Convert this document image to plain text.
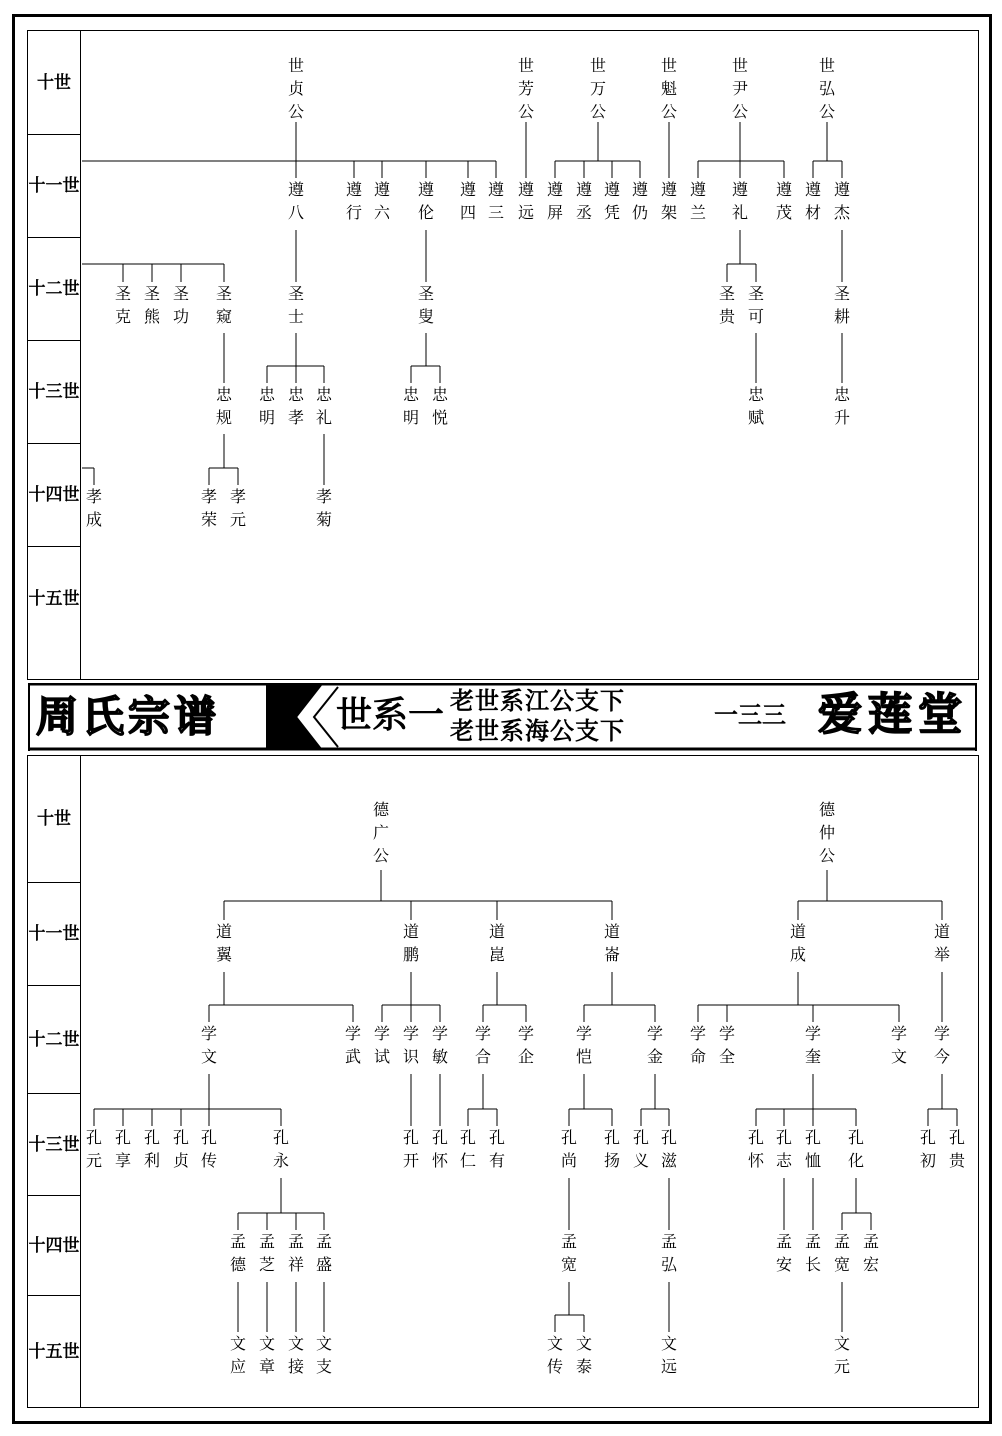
十世
十一世
十二世
十三世
十四世
十五世
周氏宗谱	世系一 老世系江公支下
老世系海公支下
一三三 爱莲堂
十世
十一世
十二世
十三世
十四世
十五世
世贞公
世芳公
世万公
世魁公
世尹公
世弘公
遵八
遵行
遵六
遵伦
遵四
遵三
遵远
遵屏
遵丞
遵凭
遵仍
遵架
遵兰
遵礼
遵茂
遵材
遵杰
圣克
圣熊
圣功
圣窥
圣士
圣叟
圣贵
圣可
圣耕
忠规
忠明
忠孝
忠礼
忠明
忠悦
忠赋
忠升
孝成
孝荣
孝元
孝菊
德广公
德仲公
道翼
道鹏
道崑
道崙
道成
道举
学文
学武
学试
学识
学敏
学合
学企
学恺
学金
学命
学全
学奎
学文
学今
孔元
孔享
孔利
孔贞
孔传
孔永
孔开
孔怀
孔仁
孔有
孔尚
孔扬
孔义
孔滋
孔怀
孔志
孔恤
孔化
孔初
孔贵
孟德
孟芝
孟祥
孟盛
孟宽
孟弘
孟安
孟长
孟宽
孟宏
文应
文章
文接
文支
文传
文泰
文远
文元
